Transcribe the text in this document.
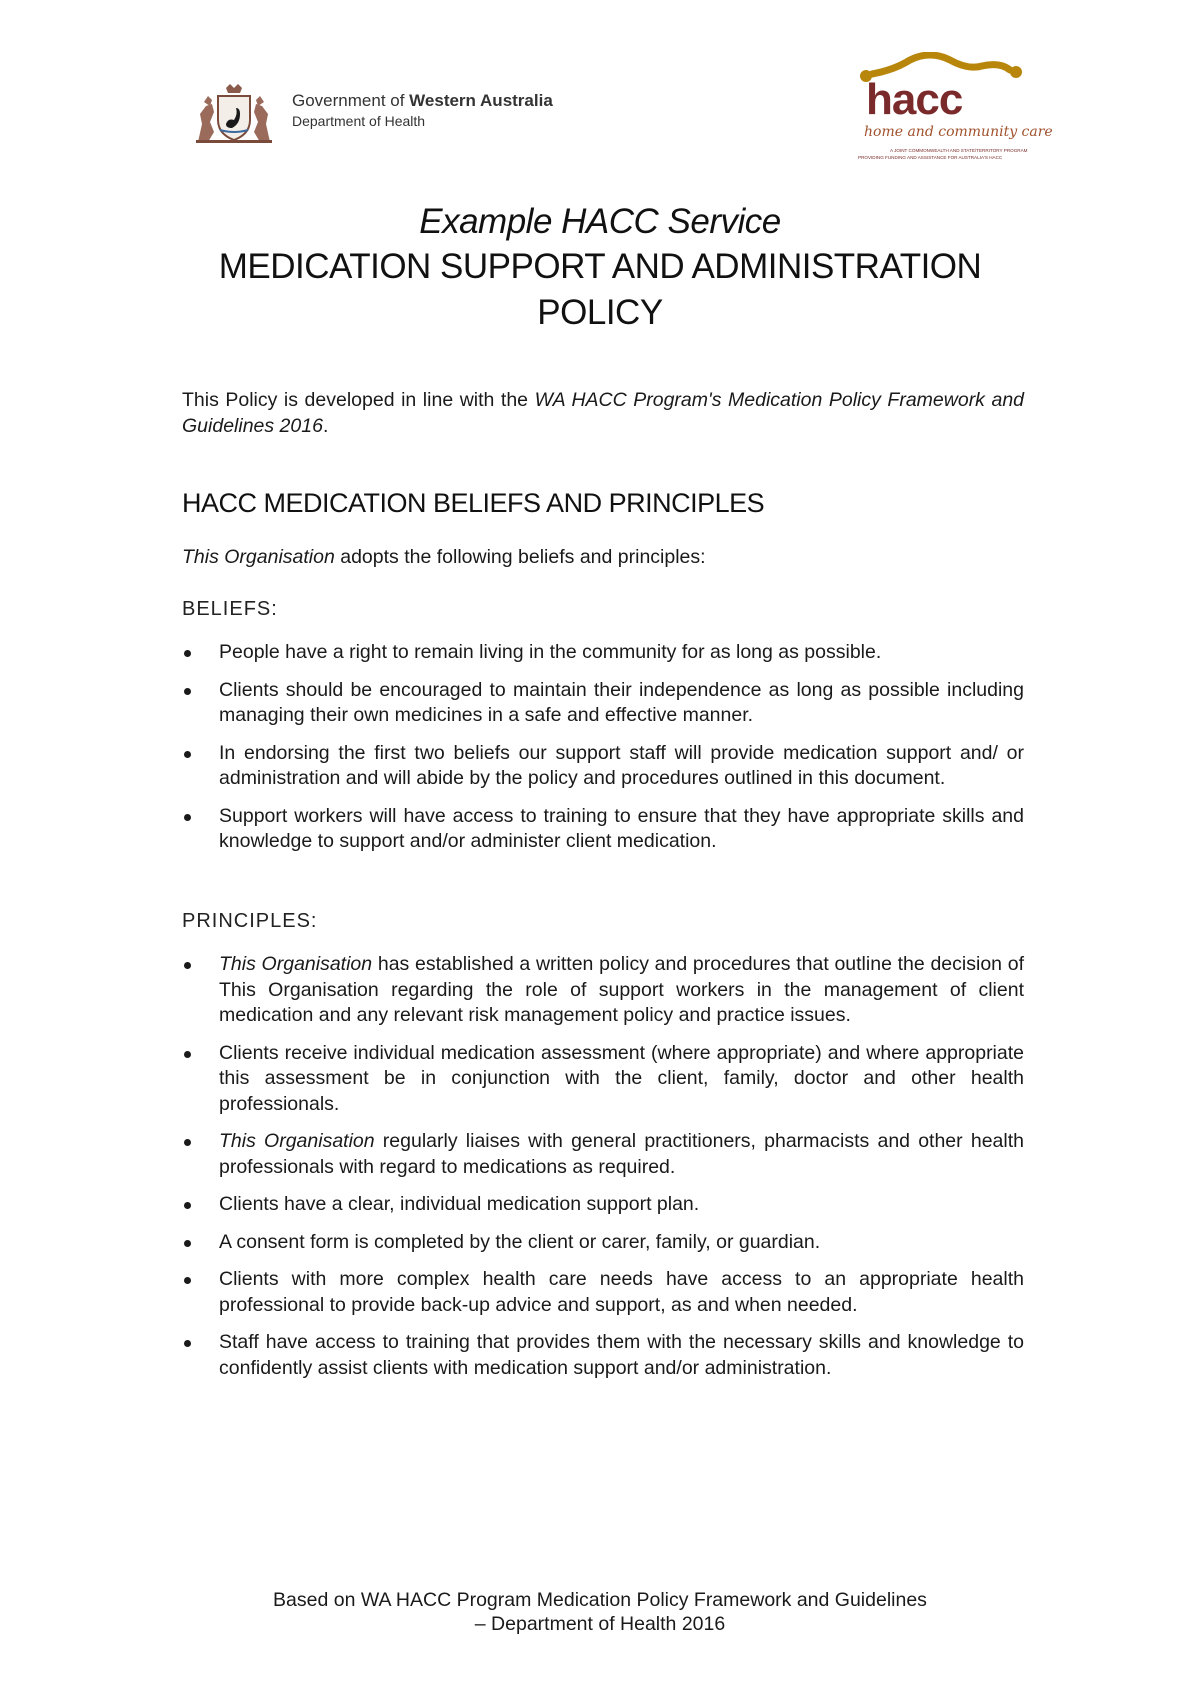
Government of Western Australia
Department of Health	hacc
home and community care
A JOINT COMMONWEALTH AND STATE/TERRITORY PROGRAM
PROVIDING FUNDING AND ASSISTANCE FOR AUSTRALIA'S HACC
Example HACC Service
MEDICATION SUPPORT AND ADMINISTRATION
POLICY

This Policy is developed in line with the WA HACC Program's Medication Policy Framework and Guidelines 2016.

HACC MEDICATION BELIEFS AND PRINCIPLES

This Organisation adopts the following beliefs and principles:

BELIEFS:
People have a right to remain living in the community for as long as possible.
Clients should be encouraged to maintain their independence as long as possible including managing their own medicines in a safe and effective manner.
In endorsing the first two beliefs our support staff will provide medication support and/ or administration and will abide by the policy and procedures outlined in this document.
Support workers will have access to training to ensure that they have appropriate skills and knowledge to support and/or administer client medication.
PRINCIPLES:
This Organisation has established a written policy and procedures that outline the decision of This Organisation regarding the role of support workers in the management of client medication and any relevant risk management policy and practice issues.
Clients receive individual medication assessment (where appropriate) and where appropriate this assessment be in conjunction with the client, family, doctor and other health professionals.
This Organisation regularly liaises with general practitioners, pharmacists and other health professionals with regard to medications as required.
Clients have a clear, individual medication support plan.
A consent form is completed by the client or carer, family, or guardian.
Clients with more complex health care needs have access to an appropriate health professional to provide back-up advice and support, as and when needed.
Staff have access to training that provides them with the necessary skills and knowledge to confidently assist clients with medication support and/or administration.
Based on WA HACC Program Medication Policy Framework and Guidelines
– Department of Health 2016
